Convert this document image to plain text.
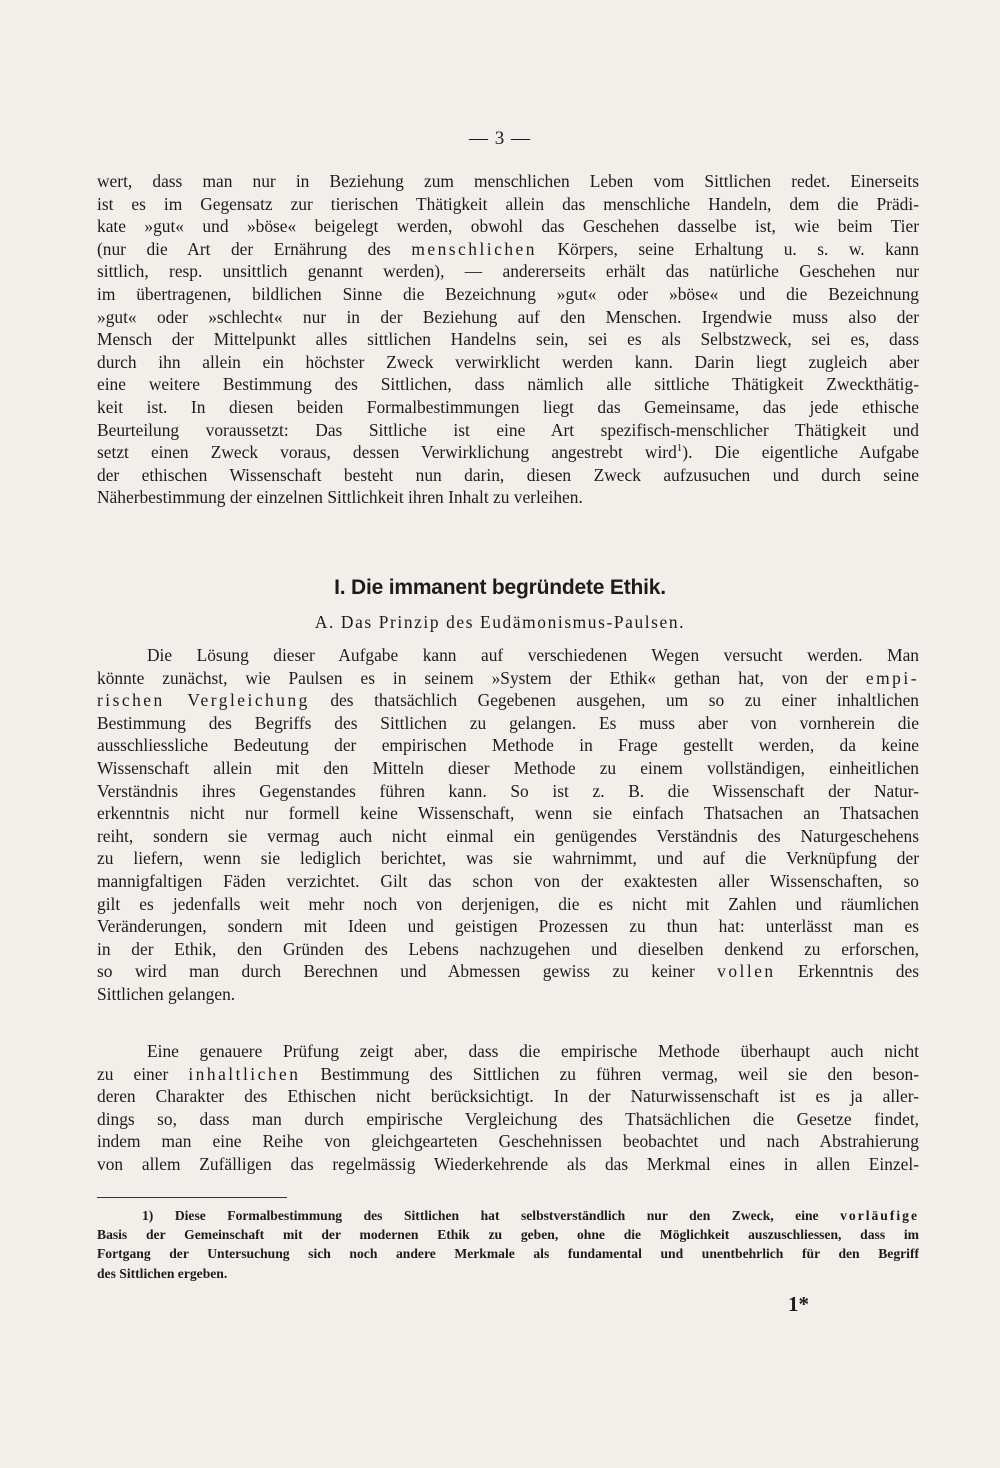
— 3 —
wert, dass man nur in Beziehung zum menschlichen Leben vom Sittlichen redet. Einerseits
ist es im Gegensatz zur tierischen Thätigkeit allein das menschliche Handeln, dem die Prädi-
kate »gut« und »böse« beigelegt werden, obwohl das Geschehen dasselbe ist, wie beim Tier
(nur die Art der Ernährung des menschlichen Körpers, seine Erhaltung u. s. w. kann
sittlich, resp. unsittlich genannt werden), — andererseits erhält das natürliche Geschehen nur
im übertragenen, bildlichen Sinne die Bezeichnung »gut« oder »böse« und die Bezeichnung
»gut« oder »schlecht« nur in der Beziehung auf den Menschen. Irgendwie muss also der
Mensch der Mittelpunkt alles sittlichen Handelns sein, sei es als Selbstzweck, sei es, dass
durch ihn allein ein höchster Zweck verwirklicht werden kann. Darin liegt zugleich aber
eine weitere Bestimmung des Sittlichen, dass nämlich alle sittliche Thätigkeit Zweckthätig-
keit ist. In diesen beiden Formalbestimmungen liegt das Gemeinsame, das jede ethische
Beurteilung voraussetzt: Das Sittliche ist eine Art spezifisch-menschlicher Thätigkeit und
setzt einen Zweck voraus, dessen Verwirklichung angestrebt wird$^1$). Die eigentliche Aufgabe
der ethischen Wissenschaft besteht nun darin, diesen Zweck aufzusuchen und durch seine
Näherbestimmung der einzelnen Sittlichkeit ihren Inhalt zu verleihen.
I. Die immanent begründete Ethik.
A. Das Prinzip des Eudämonismus-Paulsen.
Die Lösung dieser Aufgabe kann auf verschiedenen Wegen versucht werden. Man
könnte zunächst, wie Paulsen es in seinem »System der Ethik« gethan hat, von der empi-
rischen Vergleichung des thatsächlich Gegebenen ausgehen, um so zu einer inhaltlichen
Bestimmung des Begriffs des Sittlichen zu gelangen. Es muss aber von vornherein die
ausschliessliche Bedeutung der empirischen Methode in Frage gestellt werden, da keine
Wissenschaft allein mit den Mitteln dieser Methode zu einem vollständigen, einheitlichen
Verständnis ihres Gegenstandes führen kann. So ist z. B. die Wissenschaft der Natur-
erkenntnis nicht nur formell keine Wissenschaft, wenn sie einfach Thatsachen an Thatsachen
reiht, sondern sie vermag auch nicht einmal ein genügendes Verständnis des Naturgeschehens
zu liefern, wenn sie lediglich berichtet, was sie wahrnimmt, und auf die Verknüpfung der
mannigfaltigen Fäden verzichtet. Gilt das schon von der exaktesten aller Wissenschaften, so
gilt es jedenfalls weit mehr noch von derjenigen, die es nicht mit Zahlen und räumlichen
Veränderungen, sondern mit Ideen und geistigen Prozessen zu thun hat: unterlässt man es
in der Ethik, den Gründen des Lebens nachzugehen und dieselben denkend zu erforschen,
so wird man durch Berechnen und Abmessen gewiss zu keiner vollen Erkenntnis des
Sittlichen gelangen.
Eine genauere Prüfung zeigt aber, dass die empirische Methode überhaupt auch nicht
zu einer inhaltlichen Bestimmung des Sittlichen zu führen vermag, weil sie den beson-
deren Charakter des Ethischen nicht berücksichtigt. In der Naturwissenschaft ist es ja aller-
dings so, dass man durch empirische Vergleichung des Thatsächlichen die Gesetze findet,
indem man eine Reihe von gleichgearteten Geschehnissen beobachtet und nach Abstrahierung
von allem Zufälligen das regelmässig Wiederkehrende als das Merkmal eines in allen Einzel-
1) Diese Formalbestimmung des Sittlichen hat selbstverständlich nur den Zweck, eine vorläufige
Basis der Gemeinschaft mit der modernen Ethik zu geben, ohne die Möglichkeit auszuschliessen, dass im
Fortgang der Untersuchung sich noch andere Merkmale als fundamental und unentbehrlich für den Begriff
des Sittlichen ergeben.
1*
